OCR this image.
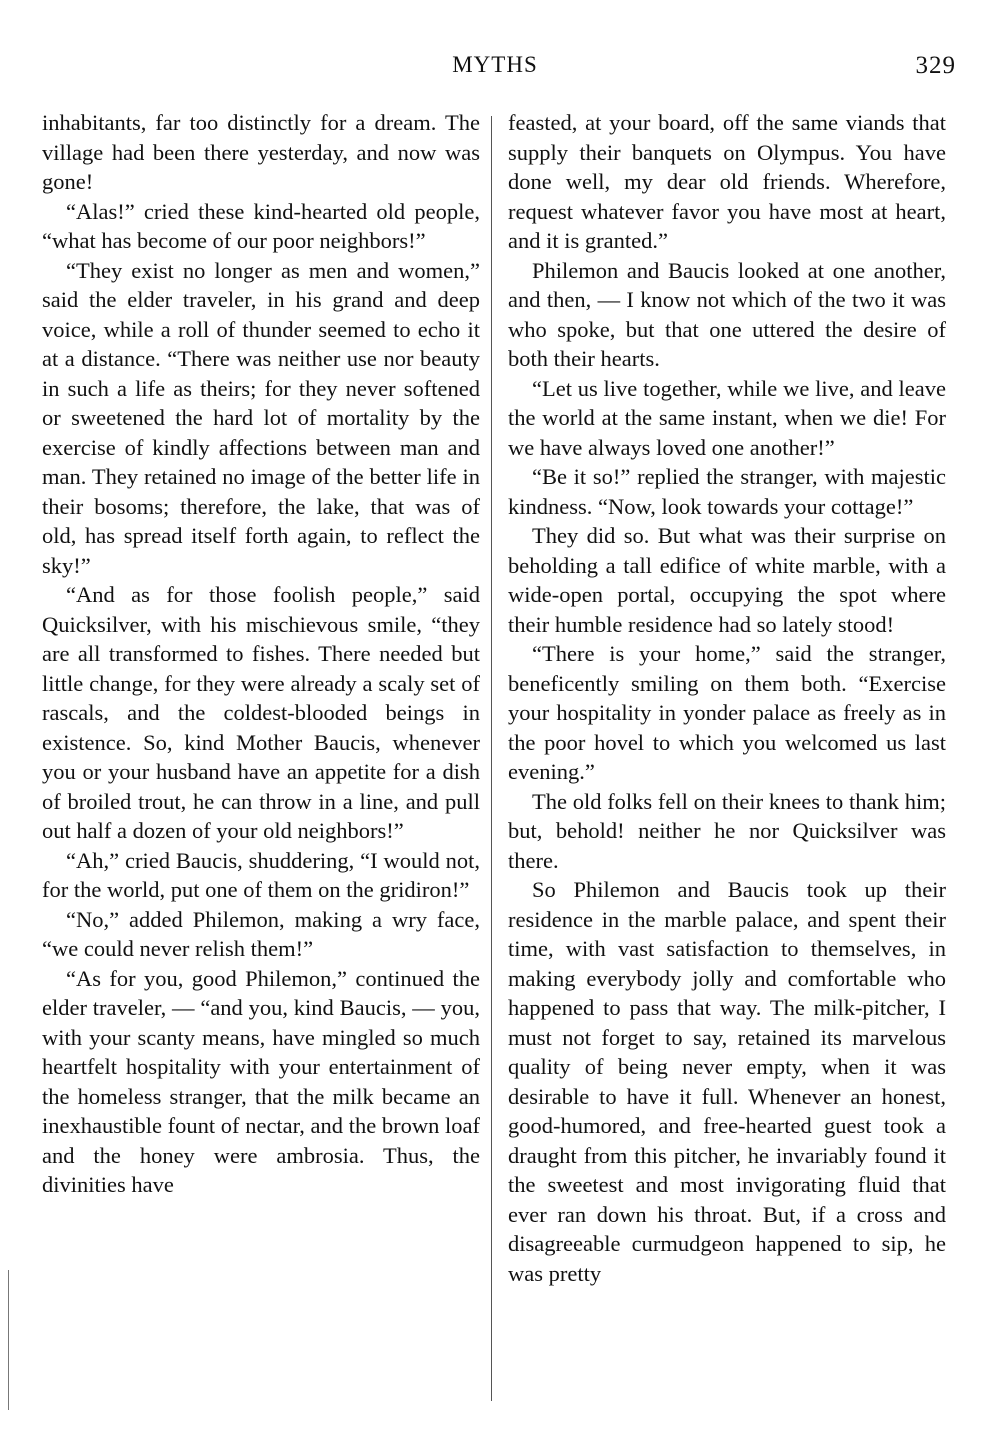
MYTHS	329

inhabitants, far too distinctly for a dream. The village had been there yesterday, and now was gone!

“Alas!” cried these kind-hearted old people, “what has become of our poor neighbors!”

“They exist no longer as men and women,” said the elder traveler, in his grand and deep voice, while a roll of thunder seemed to echo it at a distance. “There was neither use nor beauty in such a life as theirs; for they never softened or sweetened the hard lot of mortality by the exercise of kindly affections between man and man. They retained no image of the better life in their bosoms; therefore, the lake, that was of old, has spread itself forth again, to reflect the sky!”

“And as for those foolish people,” said Quicksilver, with his mischievous smile, “they are all transformed to fishes. There needed but little change, for they were already a scaly set of rascals, and the coldest-blooded beings in existence. So, kind Mother Baucis, whenever you or your husband have an appetite for a dish of broiled trout, he can throw in a line, and pull out half a dozen of your old neighbors!”

“Ah,” cried Baucis, shuddering, “I would not, for the world, put one of them on the gridiron!”

“No,” added Philemon, making a wry face, “we could never relish them!”

“As for you, good Philemon,” continued the elder traveler, — “and you, kind Baucis, — you, with your scanty means, have mingled so much heartfelt hospitality with your entertainment of the homeless stranger, that the milk became an inexhaustible fount of nectar, and the brown loaf and the honey were ambrosia. Thus, the divinities have

feasted, at your board, off the same viands that supply their banquets on Olympus. You have done well, my dear old friends. Wherefore, request whatever favor you have most at heart, and it is granted.”

Philemon and Baucis looked at one another, and then, — I know not which of the two it was who spoke, but that one uttered the desire of both their hearts.

“Let us live together, while we live, and leave the world at the same instant, when we die! For we have always loved one another!”

“Be it so!” replied the stranger, with majestic kindness. “Now, look towards your cottage!”

They did so. But what was their surprise on beholding a tall edifice of white marble, with a wide-open portal, occupying the spot where their humble residence had so lately stood!

“There is your home,” said the stranger, beneficently smiling on them both. “Exercise your hospitality in yonder palace as freely as in the poor hovel to which you welcomed us last evening.”

The old folks fell on their knees to thank him; but, behold! neither he nor Quicksilver was there.

So Philemon and Baucis took up their residence in the marble palace, and spent their time, with vast satisfaction to themselves, in making everybody jolly and comfortable who happened to pass that way. The milk-pitcher, I must not forget to say, retained its marvelous quality of being never empty, when it was desirable to have it full. Whenever an honest, good-humored, and free-hearted guest took a draught from this pitcher, he invariably found it the sweetest and most invigorating fluid that ever ran down his throat. But, if a cross and disagreeable curmudgeon happened to sip, he was pretty
